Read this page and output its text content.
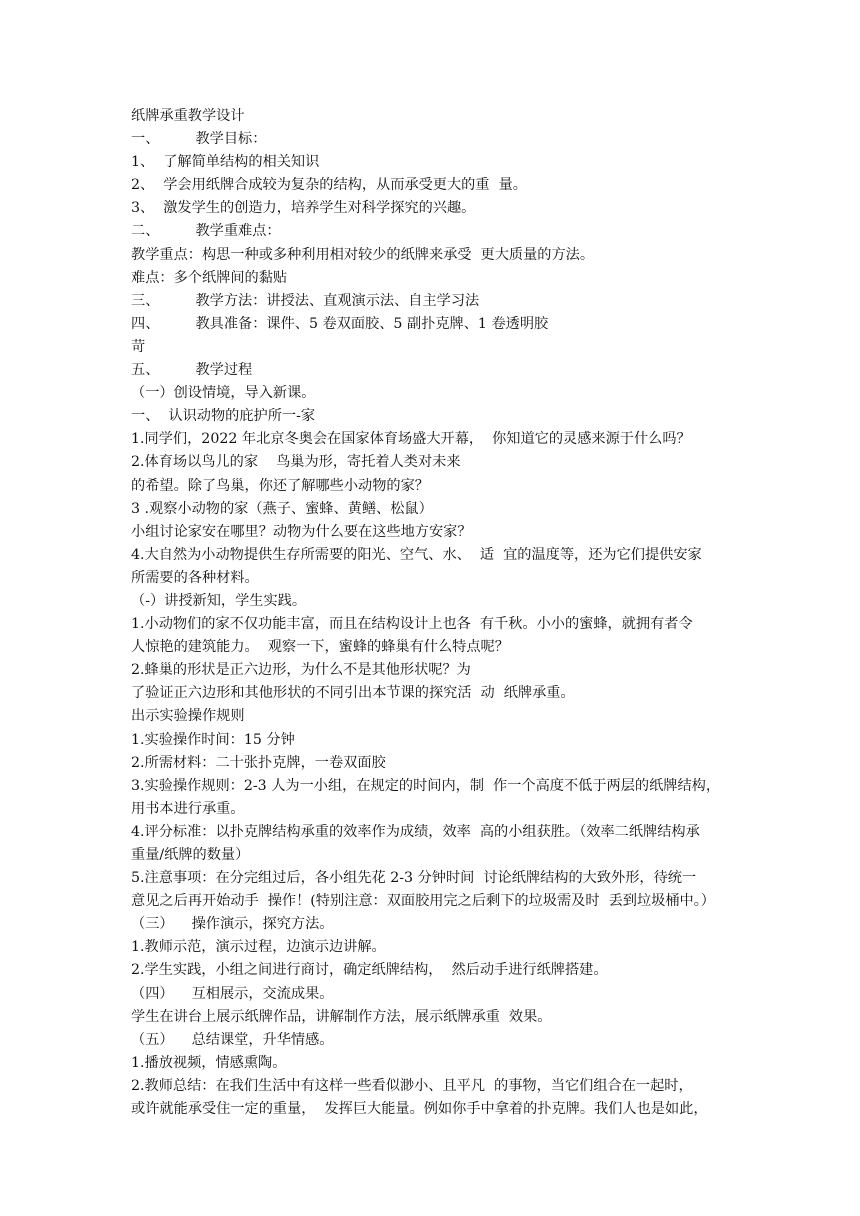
纸牌承重教学设计
一、        教学目标：
1、  了解简单结构的相关知识
2、  学会用纸牌合成较为复杂的结构，从而承受更大的重  量。
3、  激发学生的创造力，培养学生对科学探究的兴趣。
二、        教学重难点：
教学重点：构思一种或多种利用相对较少的纸牌来承受  更大质量的方法。
难点：多个纸牌间的黏贴
三、        教学方法：讲授法、直观演示法、自主学习法
四、        教具准备：课件、5 卷双面胶、5 副扑克牌、1 卷透明胶
苛
五、        教学过程
（一）创设情境，导入新课。
一、  认识动物的庇护所一-家
1.同学们，2022 年北京冬奥会在国家体育场盛大开幕，  你知道它的灵感来源于什么吗？
2.体育场以鸟儿的家    鸟巢为形，寄托着人类对未来
的希望。除了鸟巢，你还了解哪些小动物的家？
3 .观察小动物的家（燕子、蜜蜂、黄鳝、松鼠）
小组讨论家安在哪里？动物为什么要在这些地方安家？
4.大自然为小动物提供生存所需要的阳光、空气、水、  适  宜的温度等，还为它们提供安家
所需要的各种材料。
（-）讲授新知，学生实践。
1.小动物们的家不仅功能丰富，而且在结构设计上也各  有千秋。小小的蜜蜂，就拥有者令
人惊艳的建筑能力。  观察一下，蜜蜂的蜂巢有什么特点呢？
2.蜂巢的形状是正六边形，为什么不是其他形状呢？为
了验证正六边形和其他形状的不同引出本节课的探究活  动  纸牌承重。
出示实验操作规则
1.实验操作时间：15 分钟
2.所需材料：二十张扑克牌，一卷双面胶
3.实验操作规则：2-3 人为一小组，在规定的时间内，制  作一个高度不低于两层的纸牌结构，
用书本进行承重。
4.评分标准：以扑克牌结构承重的效率作为成绩，效率  高的小组获胜。（效率二纸牌结构承
重量/纸牌的数量）
5.注意事项：在分完组过后，各小组先花 2-3 分钟时间  讨论纸牌结构的大致外形，待统一
意见之后再开始动手  操作！(特别注意：双面胶用完之后剩下的垃圾需及时  丢到垃圾桶中。）
（三）    操作演示，探究方法。
1.教师示范，演示过程，边演示边讲解。
2.学生实践，小组之间进行商讨，确定纸牌结构，  然后动手进行纸牌搭建。
（四）    互相展示，交流成果。
学生在讲台上展示纸牌作品，讲解制作方法，展示纸牌承重  效果。
（五）    总结课堂，升华情感。
1.播放视频，情感熏陶。
2.教师总结：在我们生活中有这样一些看似渺小、且平凡  的事物，当它们组合在一起时，
或许就能承受住一定的重量，  发挥巨大能量。例如你手中拿着的扑克牌。我们人也是如此，
